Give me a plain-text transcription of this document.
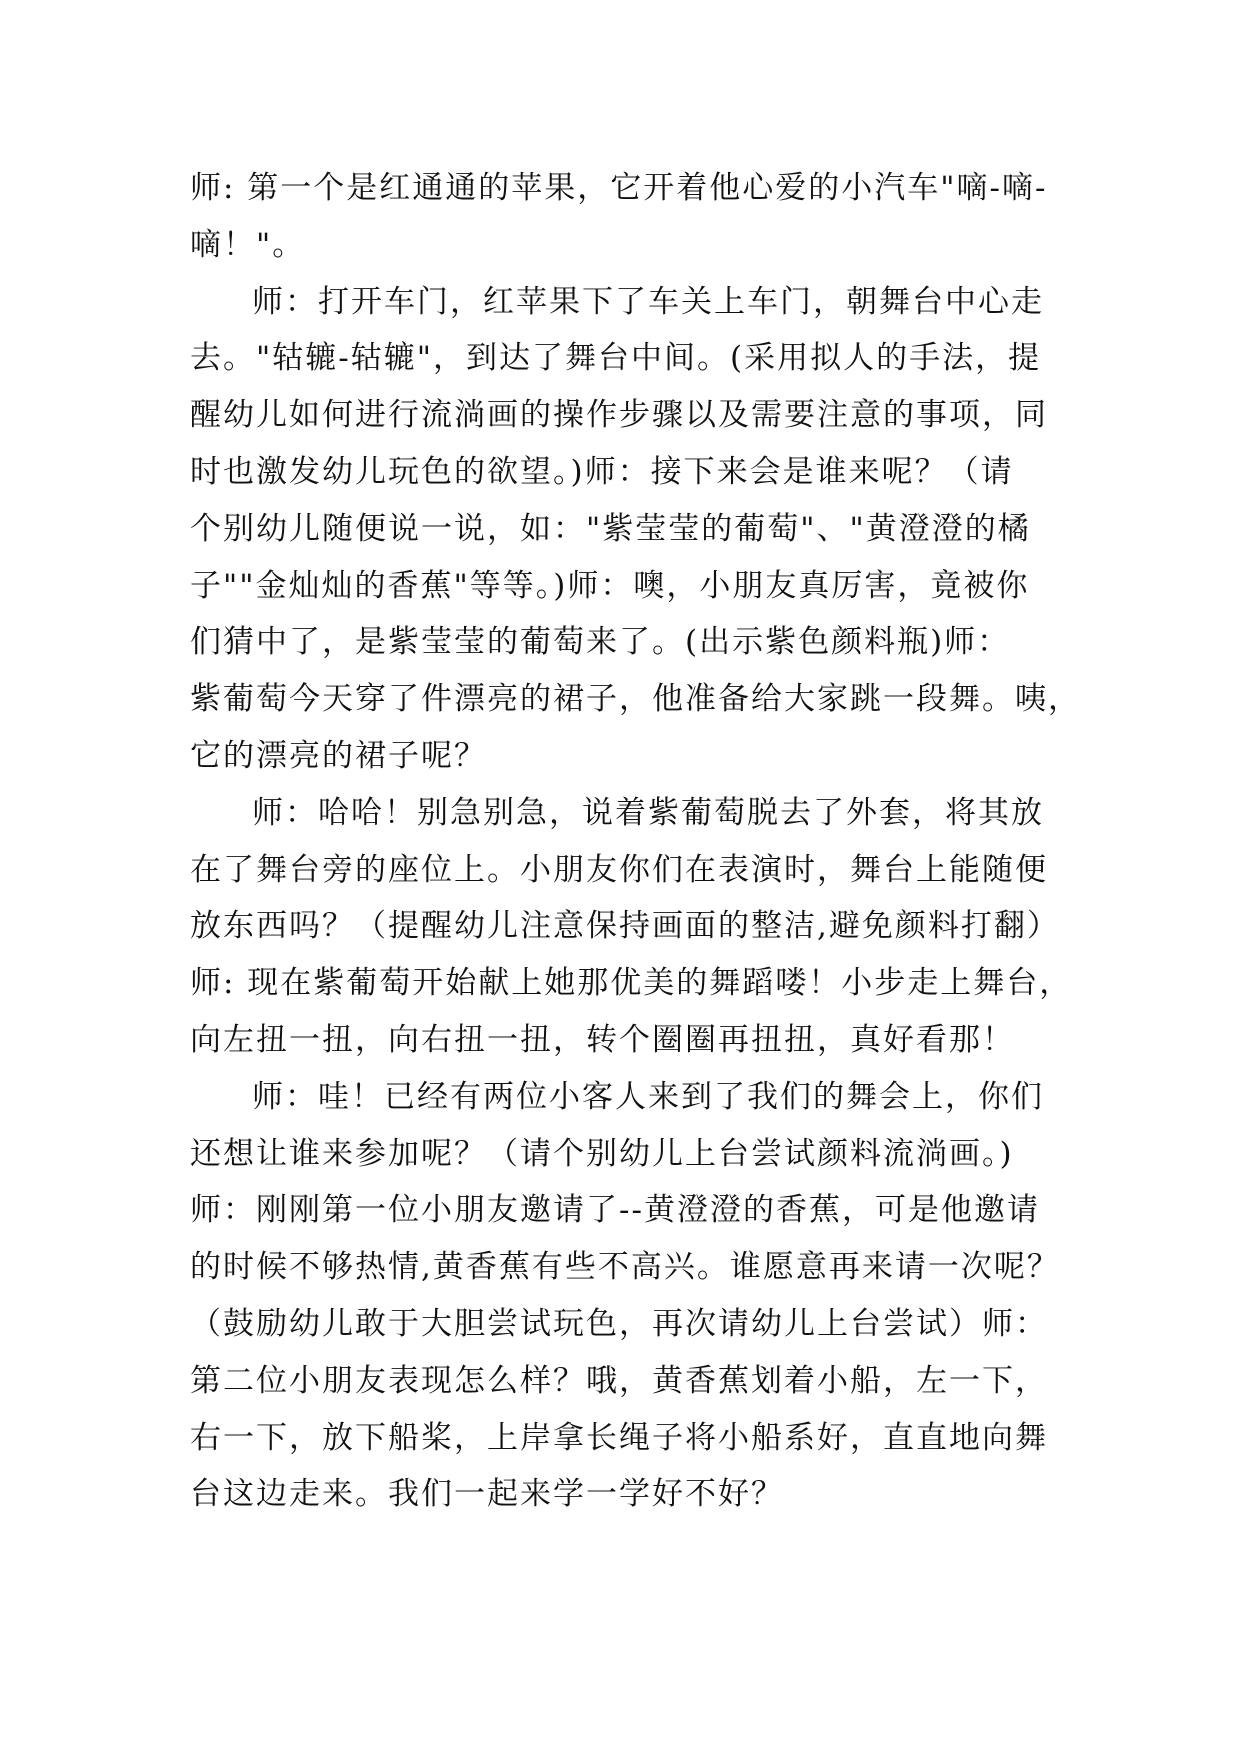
师: 第一个是红通通的苹果，它开着他心爱的小汽车"嘀-嘀-

嘀！"。

师：打开车门，红苹果下了车关上车门，朝舞台中心走

去。"轱辘-轱辘"，到达了舞台中间。(采用拟人的手法，提

醒幼儿如何进行流淌画的操作步骤以及需要注意的事项，同

时也激发幼儿玩色的欲望。)师：接下来会是谁来呢？（请

个别幼儿随便说一说，如："紫莹莹的葡萄"、"黄澄澄的橘

子""金灿灿的香蕉"等等。)师：噢，小朋友真厉害，竟被你

们猜中了，是紫莹莹的葡萄来了。(出示紫色颜料瓶)师：

紫葡萄今天穿了件漂亮的裙子，他准备给大家跳一段舞。咦，

它的漂亮的裙子呢？

师：哈哈！别急别急，说着紫葡萄脱去了外套，将其放

在了舞台旁的座位上。小朋友你们在表演时，舞台上能随便

放东西吗？（提醒幼儿注意保持画面的整洁,避免颜料打翻）

师: 现在紫葡萄开始献上她那优美的舞蹈喽！小步走上舞台，

向左扭一扭，向右扭一扭，转个圈圈再扭扭，真好看那！

师：哇！已经有两位小客人来到了我们的舞会上，你们

还想让谁来参加呢？（请个别幼儿上台尝试颜料流淌画。)

师：刚刚第一位小朋友邀请了--黄澄澄的香蕉，可是他邀请

的时候不够热情,黄香蕉有些不高兴。谁愿意再来请一次呢？

（鼓励幼儿敢于大胆尝试玩色，再次请幼儿上台尝试）师：

第二位小朋友表现怎么样？哦，黄香蕉划着小船，左一下，

右一下，放下船桨，上岸拿长绳子将小船系好，直直地向舞

台这边走来。我们一起来学一学好不好？
